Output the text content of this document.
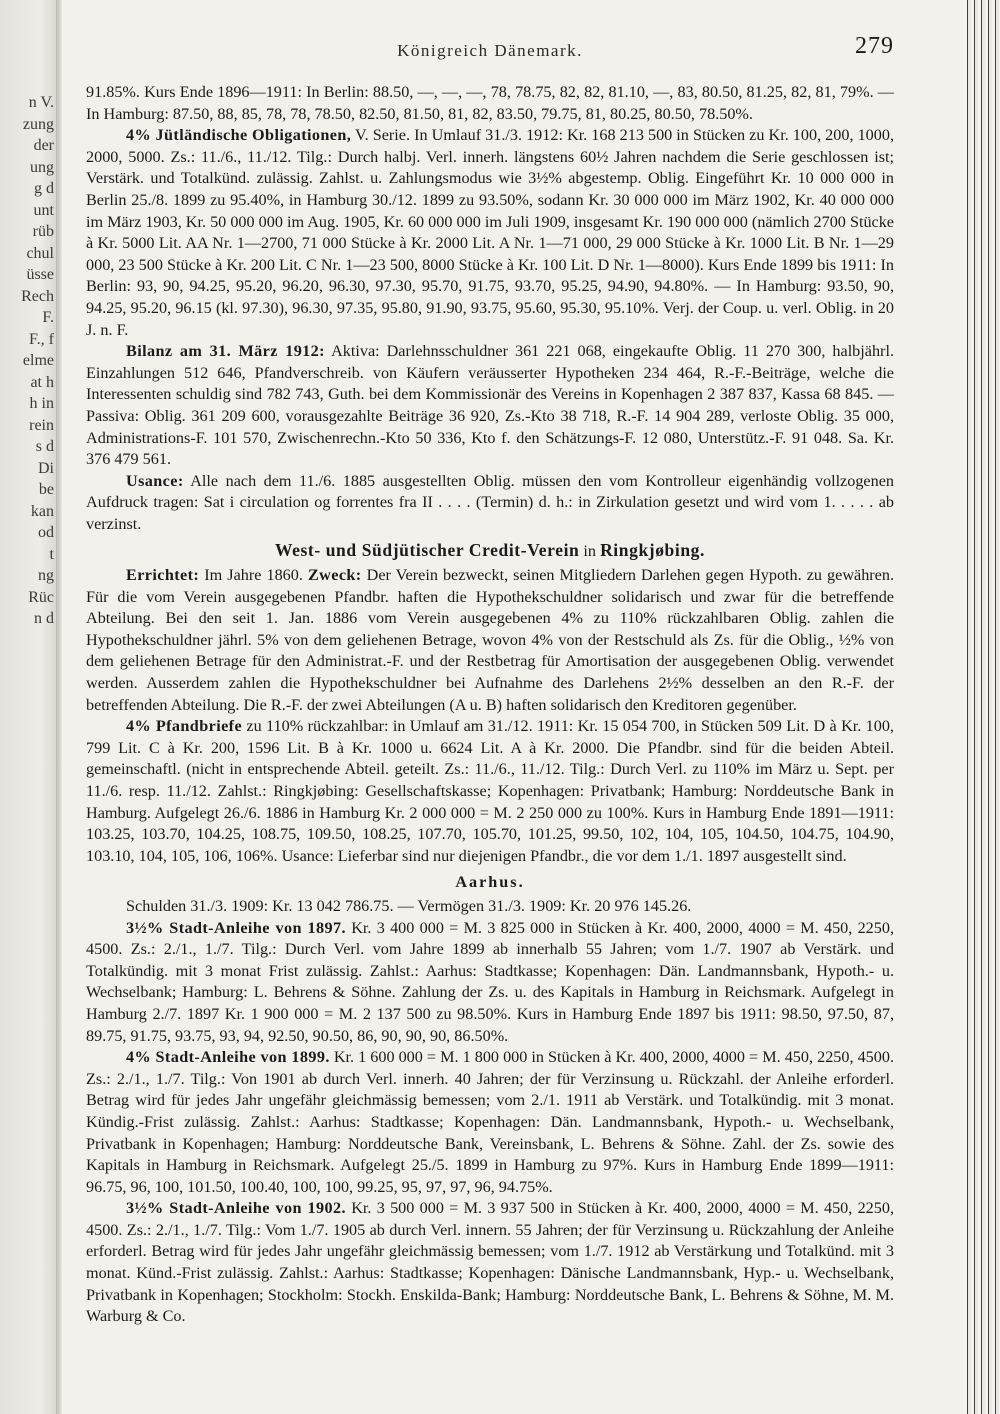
n V.
zung
der
ung
g d
unt
rüb
chul
üsse
Rech
F.
F., f
elme
at h
h in
rein
s d
Di
be
kan
od
t
ng
Rüc
n d
Königreich Dänemark.	279

91.85%. Kurs Ende 1896—1911: In Berlin: 88.50, —, —, —, 78, 78.75, 82, 82, 81.10, —, 83, 80.50, 81.25, 82, 81, 79%. — In Hamburg: 87.50, 88, 85, 78, 78, 78.50, 82.50, 81.50, 81, 82, 83.50, 79.75, 81, 80.25, 80.50, 78.50%.

4% Jütländische Obligationen, V. Serie. In Umlauf 31./3. 1912: Kr. 168 213 500 in Stücken zu Kr. 100, 200, 1000, 2000, 5000. Zs.: 11./6., 11./12. Tilg.: Durch halbj. Verl. innerh. längstens 60½ Jahren nachdem die Serie geschlossen ist; Verstärk. und Totalkünd. zulässig. Zahlst. u. Zahlungsmodus wie 3½% abgestemp. Oblig. Eingeführt Kr. 10 000 000 in Berlin 25./8. 1899 zu 95.40%, in Hamburg 30./12. 1899 zu 93.50%, sodann Kr. 30 000 000 im März 1902, Kr. 40 000 000 im März 1903, Kr. 50 000 000 im Aug. 1905, Kr. 60 000 000 im Juli 1909, insgesamt Kr. 190 000 000 (nämlich 2700 Stücke à Kr. 5000 Lit. AA Nr. 1—2700, 71 000 Stücke à Kr. 2000 Lit. A Nr. 1—71 000, 29 000 Stücke à Kr. 1000 Lit. B Nr. 1—29 000, 23 500 Stücke à Kr. 200 Lit. C Nr. 1—23 500, 8000 Stücke à Kr. 100 Lit. D Nr. 1—8000). Kurs Ende 1899 bis 1911: In Berlin: 93, 90, 94.25, 95.20, 96.20, 96.30, 97.30, 95.70, 91.75, 93.70, 95.25, 94.90, 94.80%. — In Hamburg: 93.50, 90, 94.25, 95.20, 96.15 (kl. 97.30), 96.30, 97.35, 95.80, 91.90, 93.75, 95.60, 95.30, 95.10%. Verj. der Coup. u. verl. Oblig. in 20 J. n. F.

Bilanz am 31. März 1912: Aktiva: Darlehnsschuldner 361 221 068, eingekaufte Oblig. 11 270 300, halbjährl. Einzahlungen 512 646, Pfandverschreib. von Käufern veräusserter Hypotheken 234 464, R.-F.-Beiträge, welche die Interessenten schuldig sind 782 743, Guth. bei dem Kommissionär des Vereins in Kopenhagen 2 387 837, Kassa 68 845. — Passiva: Oblig. 361 209 600, vorausgezahlte Beiträge 36 920, Zs.-Kto 38 718, R.-F. 14 904 289, verloste Oblig. 35 000, Administrations-F. 101 570, Zwischenrechn.-Kto 50 336, Kto f. den Schätzungs-F. 12 080, Unterstütz.-F. 91 048. Sa. Kr. 376 479 561.

Usance: Alle nach dem 11./6. 1885 ausgestellten Oblig. müssen den vom Kontrolleur eigenhändig vollzogenen Aufdruck tragen: Sat i circulation og forrentes fra II . . . . (Termin) d. h.: in Zirkulation gesetzt und wird vom 1. . . . . ab verzinst.

West- und Südjütischer Credit-Verein in Ringkjøbing.

Errichtet: Im Jahre 1860. Zweck: Der Verein bezweckt, seinen Mitgliedern Darlehen gegen Hypoth. zu gewähren. Für die vom Verein ausgegebenen Pfandbr. haften die Hypothekschuldner solidarisch und zwar für die betreffende Abteilung. Bei den seit 1. Jan. 1886 vom Verein ausgegebenen 4% zu 110% rückzahlbaren Oblig. zahlen die Hypothekschuldner jährl. 5% von dem geliehenen Betrage, wovon 4% von der Restschuld als Zs. für die Oblig., ½% von dem geliehenen Betrage für den Administrat.-F. und der Restbetrag für Amortisation der ausgegebenen Oblig. verwendet werden. Ausserdem zahlen die Hypothekschuldner bei Aufnahme des Darlehens 2½% desselben an den R.-F. der betreffenden Abteilung. Die R.-F. der zwei Abteilungen (A u. B) haften solidarisch den Kreditoren gegenüber.

4% Pfandbriefe zu 110% rückzahlbar: in Umlauf am 31./12. 1911: Kr. 15 054 700, in Stücken 509 Lit. D à Kr. 100, 799 Lit. C à Kr. 200, 1596 Lit. B à Kr. 1000 u. 6624 Lit. A à Kr. 2000. Die Pfandbr. sind für die beiden Abteil. gemeinschaftl. (nicht in entsprechende Abteil. geteilt. Zs.: 11./6., 11./12. Tilg.: Durch Verl. zu 110% im März u. Sept. per 11./6. resp. 11./12. Zahlst.: Ringkjøbing: Gesellschaftskasse; Kopenhagen: Privatbank; Hamburg: Norddeutsche Bank in Hamburg. Aufgelegt 26./6. 1886 in Hamburg Kr. 2 000 000 = M. 2 250 000 zu 100%. Kurs in Hamburg Ende 1891—1911: 103.25, 103.70, 104.25, 108.75, 109.50, 108.25, 107.70, 105.70, 101.25, 99.50, 102, 104, 105, 104.50, 104.75, 104.90, 103.10, 104, 105, 106, 106%. Usance: Lieferbar sind nur diejenigen Pfandbr., die vor dem 1./1. 1897 ausgestellt sind.

Aarhus.

Schulden 31./3. 1909: Kr. 13 042 786.75. — Vermögen 31./3. 1909: Kr. 20 976 145.26.

3½% Stadt-Anleihe von 1897. Kr. 3 400 000 = M. 3 825 000 in Stücken à Kr. 400, 2000, 4000 = M. 450, 2250, 4500. Zs.: 2./1., 1./7. Tilg.: Durch Verl. vom Jahre 1899 ab innerhalb 55 Jahren; vom 1./7. 1907 ab Verstärk. und Totalkündig. mit 3 monat Frist zulässig. Zahlst.: Aarhus: Stadtkasse; Kopenhagen: Dän. Landmannsbank, Hypoth.- u. Wechselbank; Hamburg: L. Behrens & Söhne. Zahlung der Zs. u. des Kapitals in Hamburg in Reichsmark. Aufgelegt in Hamburg 2./7. 1897 Kr. 1 900 000 = M. 2 137 500 zu 98.50%. Kurs in Hamburg Ende 1897 bis 1911: 98.50, 97.50, 87, 89.75, 91.75, 93.75, 93, 94, 92.50, 90.50, 86, 90, 90, 90, 86.50%.

4% Stadt-Anleihe von 1899. Kr. 1 600 000 = M. 1 800 000 in Stücken à Kr. 400, 2000, 4000 = M. 450, 2250, 4500. Zs.: 2./1., 1./7. Tilg.: Von 1901 ab durch Verl. innerh. 40 Jahren; der für Verzinsung u. Rückzahl. der Anleihe erforderl. Betrag wird für jedes Jahr ungefähr gleichmässig bemessen; vom 2./1. 1911 ab Verstärk. und Totalkündig. mit 3 monat. Kündig.-Frist zulässig. Zahlst.: Aarhus: Stadtkasse; Kopenhagen: Dän. Landmannsbank, Hypoth.- u. Wechselbank, Privatbank in Kopenhagen; Hamburg: Norddeutsche Bank, Vereinsbank, L. Behrens & Söhne. Zahl. der Zs. sowie des Kapitals in Hamburg in Reichsmark. Aufgelegt 25./5. 1899 in Hamburg zu 97%. Kurs in Hamburg Ende 1899—1911: 96.75, 96, 100, 101.50, 100.40, 100, 100, 99.25, 95, 97, 97, 96, 94.75%.

3½% Stadt-Anleihe von 1902. Kr. 3 500 000 = M. 3 937 500 in Stücken à Kr. 400, 2000, 4000 = M. 450, 2250, 4500. Zs.: 2./1., 1./7. Tilg.: Vom 1./7. 1905 ab durch Verl. innern. 55 Jahren; der für Verzinsung u. Rückzahlung der Anleihe erforderl. Betrag wird für jedes Jahr ungefähr gleichmässig bemessen; vom 1./7. 1912 ab Verstärkung und Totalkünd. mit 3 monat. Künd.-Frist zulässig. Zahlst.: Aarhus: Stadtkasse; Kopenhagen: Dänische Landmannsbank, Hyp.- u. Wechselbank, Privatbank in Kopenhagen; Stockholm: Stockh. Enskilda-Bank; Hamburg: Norddeutsche Bank, L. Behrens & Söhne, M. M. Warburg & Co.
